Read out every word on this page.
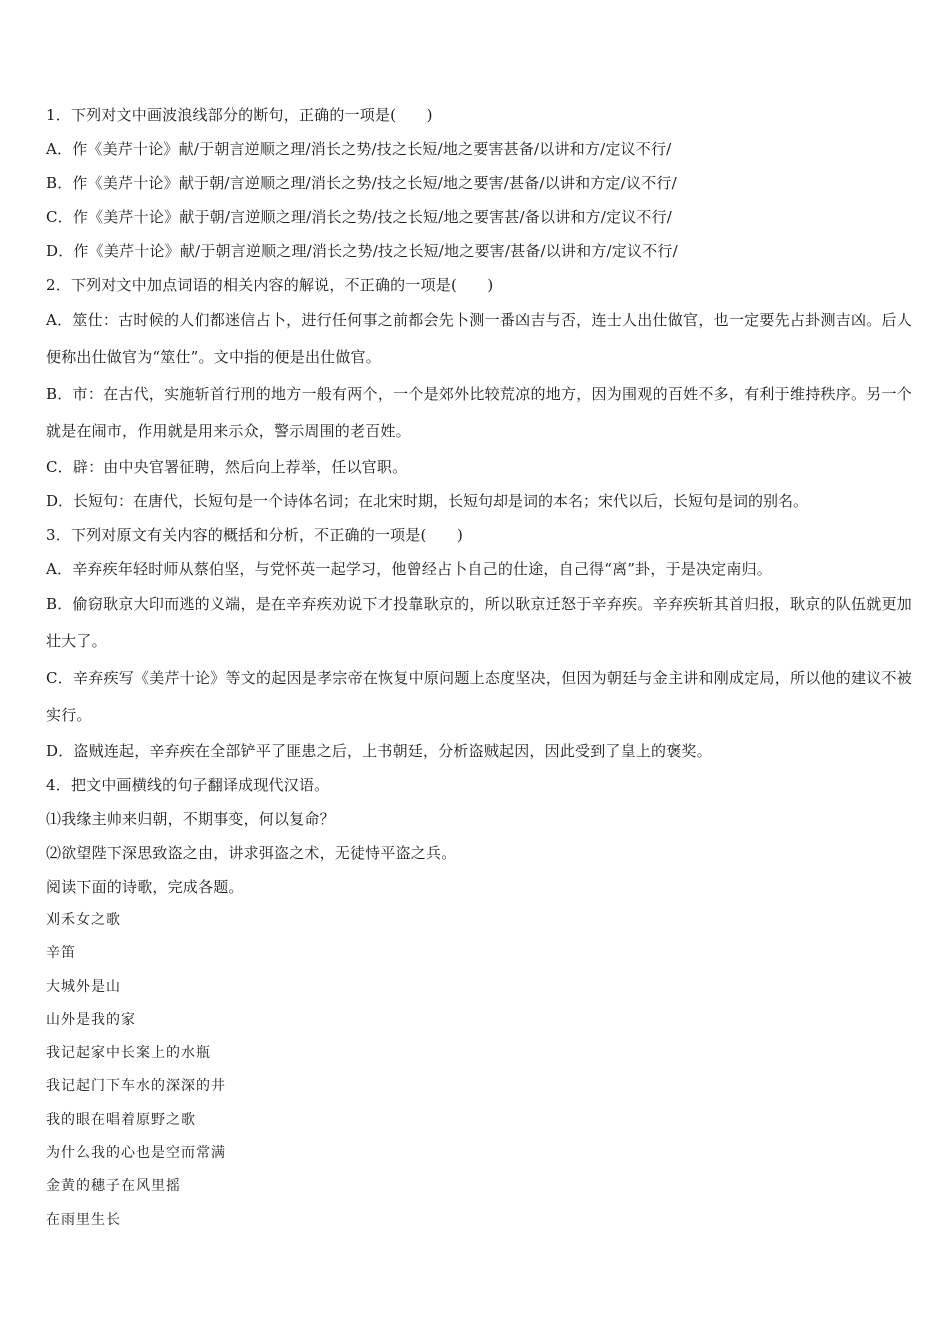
1．下列对文中画波浪线部分的断句，正确的一项是(　　)
A．作《美芹十论》献/于朝言逆顺之理/消长之势/技之长短/地之要害甚备/以讲和方/定议不行/
B．作《美芹十论》献于朝/言逆顺之理/消长之势/技之长短/地之要害/甚备/以讲和方定/议不行/
C．作《美芹十论》献于朝/言逆顺之理/消长之势/技之长短/地之要害甚/备以讲和方/定议不行/
D．作《美芹十论》献/于朝言逆顺之理/消长之势/技之长短/地之要害/甚备/以讲和方/定议不行/
2．下列对文中加点词语的相关内容的解说，不正确的一项是(　　)
A．筮仕：古时候的人们都迷信占卜，进行任何事之前都会先卜测一番凶吉与否，连士人出仕做官，也一定要先占卦测吉凶。后人便称出仕做官为“筮仕”。文中指的便是出仕做官。
B．市：在古代，实施斩首行刑的地方一般有两个，一个是郊外比较荒凉的地方，因为围观的百姓不多，有利于维持秩序。另一个就是在闹市，作用就是用来示众，警示周围的老百姓。
C．辟：由中央官署征聘，然后向上荐举，任以官职。
D．长短句：在唐代，长短句是一个诗体名词；在北宋时期，长短句却是词的本名；宋代以后，长短句是词的别名。
3．下列对原文有关内容的概括和分析，不正确的一项是(　　)
A．辛弃疾年轻时师从蔡伯坚，与党怀英一起学习，他曾经占卜自己的仕途，自己得“离”卦，于是决定南归。
B．偷窃耿京大印而逃的义端，是在辛弃疾劝说下才投靠耿京的，所以耿京迁怒于辛弃疾。辛弃疾斩其首归报，耿京的队伍就更加壮大了。
C．辛弃疾写《美芹十论》等文的起因是孝宗帝在恢复中原问题上态度坚决，但因为朝廷与金主讲和刚成定局，所以他的建议不被实行。
D．盗贼连起，辛弃疾在全部铲平了匪患之后，上书朝廷，分析盗贼起因，因此受到了皇上的褒奖。
4．把文中画横线的句子翻译成现代汉语。
⑴我缘主帅来归朝，不期事变，何以复命？
⑵欲望陛下深思致盗之由，讲求弭盗之术，无徒恃平盗之兵。
阅读下面的诗歌，完成各题。
刈禾女之歌
辛笛
大城外是山
山外是我的家
我记起家中长案上的水瓶
我记起门下车水的深深的井
我的眼在唱着原野之歌
为什么我的心也是空而常满
金黄的穗子在风里摇
在雨里生长
